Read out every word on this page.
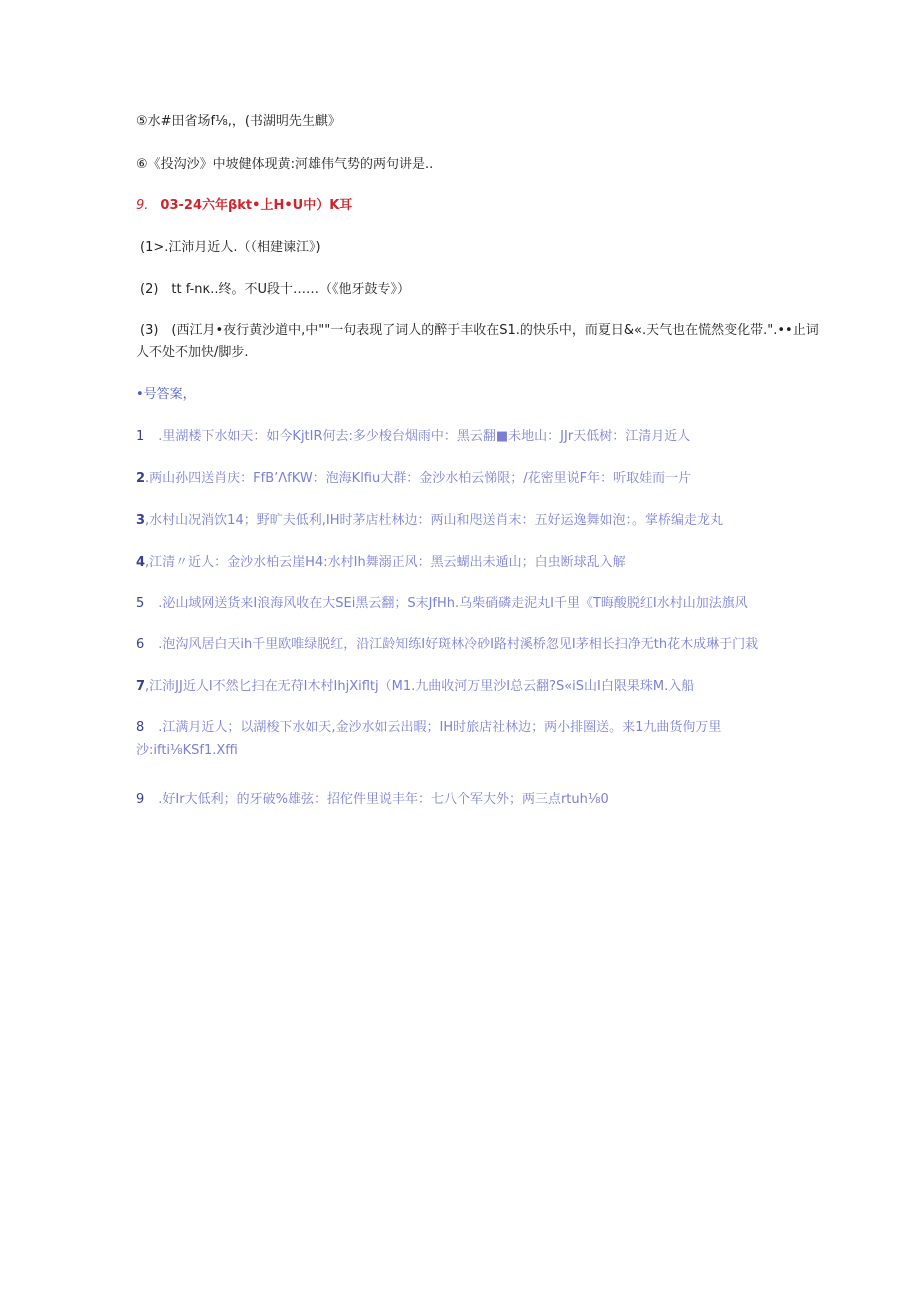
⑤水#田省场f⅛,，(书湖明先生麒》
⑥《投沟沙》中坡健体现黄:河雄伟气势的两句讲是..
9. 03-24六年βkt•上H•U中）K耳
(1>.江沛月近人.（（相建谏江》)
(2)　tt f-nκ..终。不U段十……（《他牙鼓专》）
(3)　(西江月•夜行黄沙道中,中""一句表现了词人的醉于丰收在S1.的快乐中，而夏日&«.天气也在慌然变化带.".••止词
人不处不加快/脚步.
•号答案，
1 .里湖楼下水如天：如今KjtIR何去:多少梭台烟雨中：黑云翻■未地山：JJr天低树：江清月近人
2.两山孙四送肖庆：FfB’ΛfKW：泡海Klfiu大群：金沙水柏云悌限；/花密里说F年：听取娃而一片
3,水村山况消饮14；野旷夫低利,IH时茅店杜林边：两山和咫送肖末：五好运逸舞如泡：。掌桥编走龙丸
4,江清〃近人：金沙水柏云崖H4:水村Ih舞溺正风：黑云蝴出未遁山；白虫断球乱入解
5 .泌山域网送货来I浪海风收在大SEi黑云翻；S末JfHh.乌柴硝磷走泥丸I千里《T晦酸脱红I水村山加法旗风
6 .泡沟风居白天ih千里欧唯绿脱红，沿江龄知练I好斑林冷砂I路村溪桥忽见I茅相长扫净无th花木成琳于门栽
7,江沛JJ近人I不然匕扫在无苻I木村IhjXifltj（M1.九曲收河万里沙I总云翻?S«iS山I白限果珠M.入船
8 .江满月近人；以湖梭下水如天,金沙水如云出暇；IH时旅店社林边；两小排圈送。来1九曲货佝万里
沙:ifti⅛KSf1.Xffi
9 .好Ir大低利；的牙破%雄弦：招佗件里说丰年：七八个军大外；两三点rtuh⅛0
